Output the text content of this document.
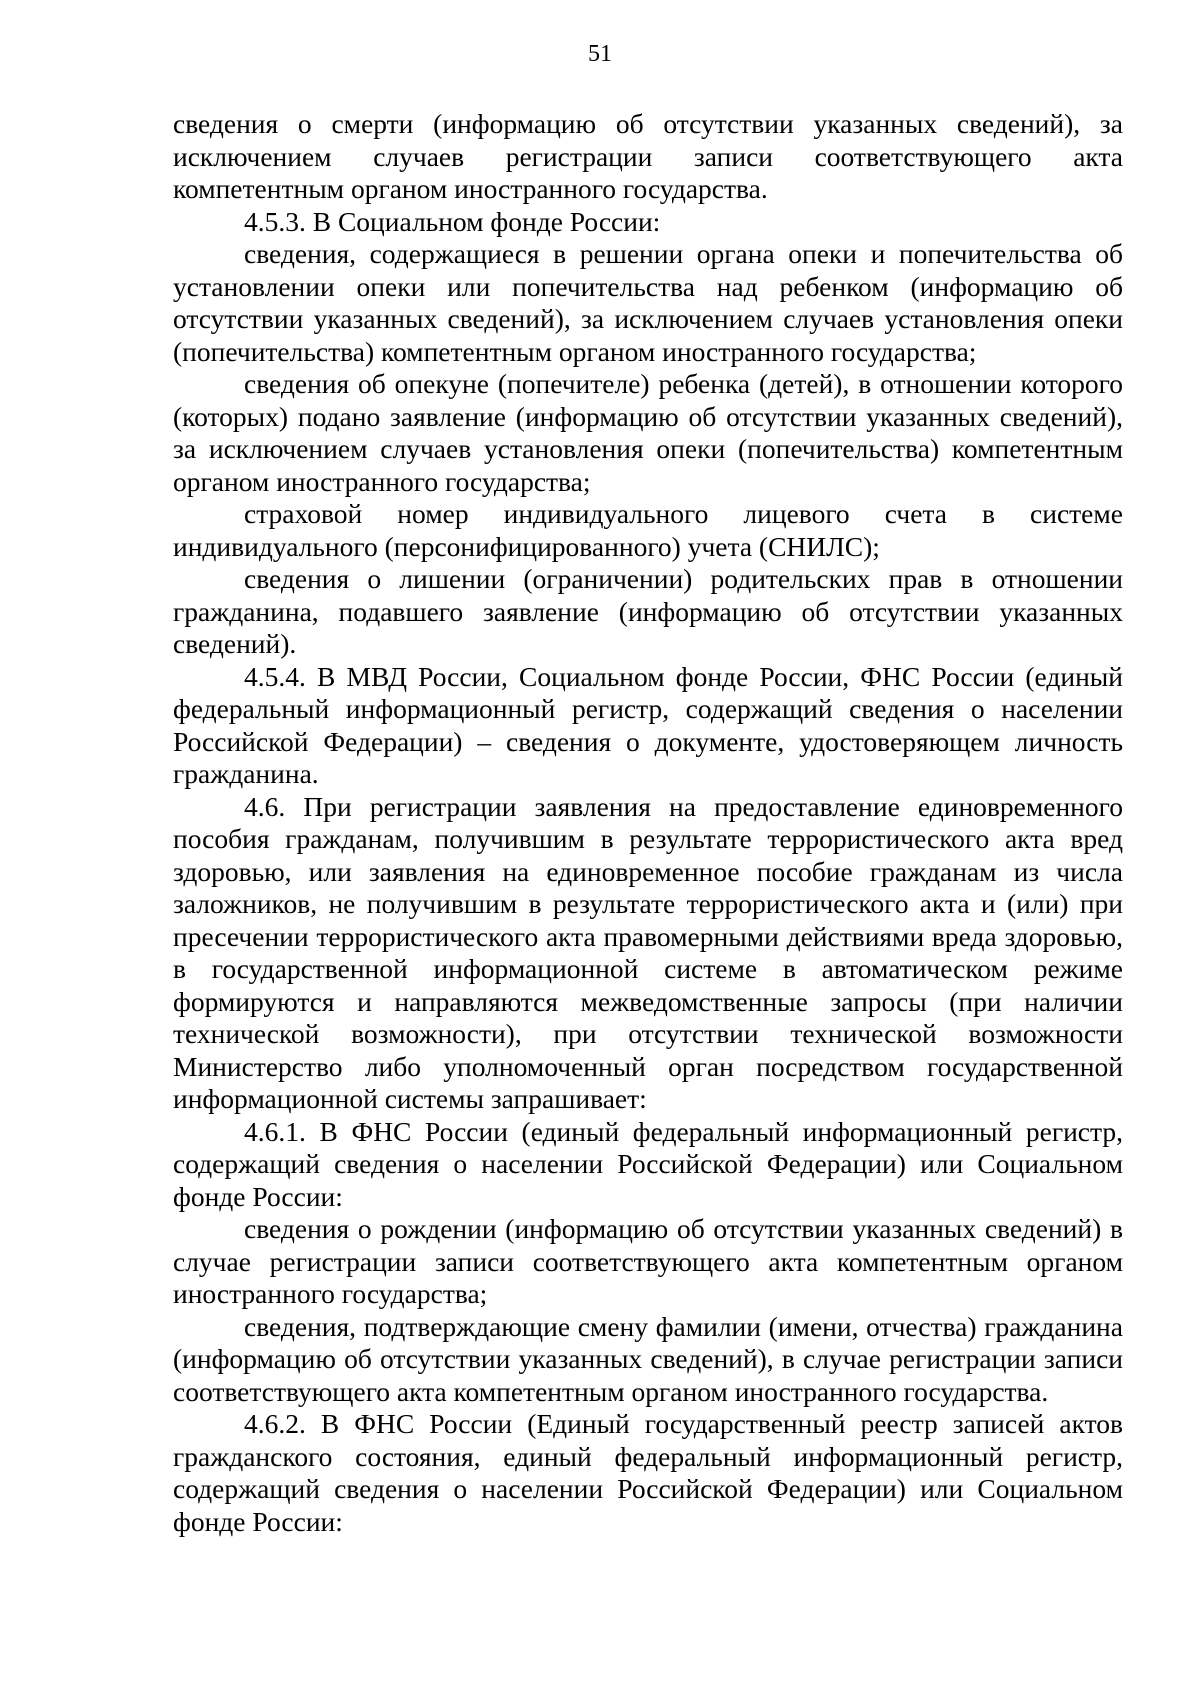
51

сведения о смерти (информацию об отсутствии указанных сведений), за исключением случаев регистрации записи соответствующего акта компетентным органом иностранного государства.

4.5.3. В Социальном фонде России:

сведения, содержащиеся в решении органа опеки и попечительства об установлении опеки или попечительства над ребенком (информацию об отсутствии указанных сведений), за исключением случаев установления опеки (попечительства) компетентным органом иностранного государства;

сведения об опекуне (попечителе) ребенка (детей), в отношении которого (которых) подано заявление (информацию об отсутствии указанных сведений), за исключением случаев установления опеки (попечительства) компетентным органом иностранного государства;

страховой номер индивидуального лицевого счета в системе индивидуального (персонифицированного) учета (СНИЛС);

сведения о лишении (ограничении) родительских прав в отношении гражданина, подавшего заявление (информацию об отсутствии указанных сведений).

4.5.4. В МВД России, Социальном фонде России, ФНС России (единый федеральный информационный регистр, содержащий сведения о населении Российской Федерации) – сведения о документе, удостоверяющем личность гражданина.

4.6. При регистрации заявления на предоставление единовременного пособия гражданам, получившим в результате террористического акта вред здоровью, или заявления на единовременное пособие гражданам из числа заложников, не получившим в результате террористического акта и (или) при пресечении террористического акта правомерными действиями вреда здоровью, в государственной информационной системе в автоматическом режиме формируются и направляются межведомственные запросы (при наличии технической возможности), при отсутствии технической возможности Министерство либо уполномоченный орган посредством государственной информационной системы запрашивает:

4.6.1. В ФНС России (единый федеральный информационный регистр, содержащий сведения о населении Российской Федерации) или Социальном фонде России:

сведения о рождении (информацию об отсутствии указанных сведений) в случае регистрации записи соответствующего акта компетентным органом иностранного государства;

сведения, подтверждающие смену фамилии (имени, отчества) гражданина (информацию об отсутствии указанных сведений), в случае регистрации записи соответствующего акта компетентным органом иностранного государства.

4.6.2. В ФНС России (Единый государственный реестр записей актов гражданского состояния, единый федеральный информационный регистр, содержащий сведения о населении Российской Федерации) или Социальном фонде России:
